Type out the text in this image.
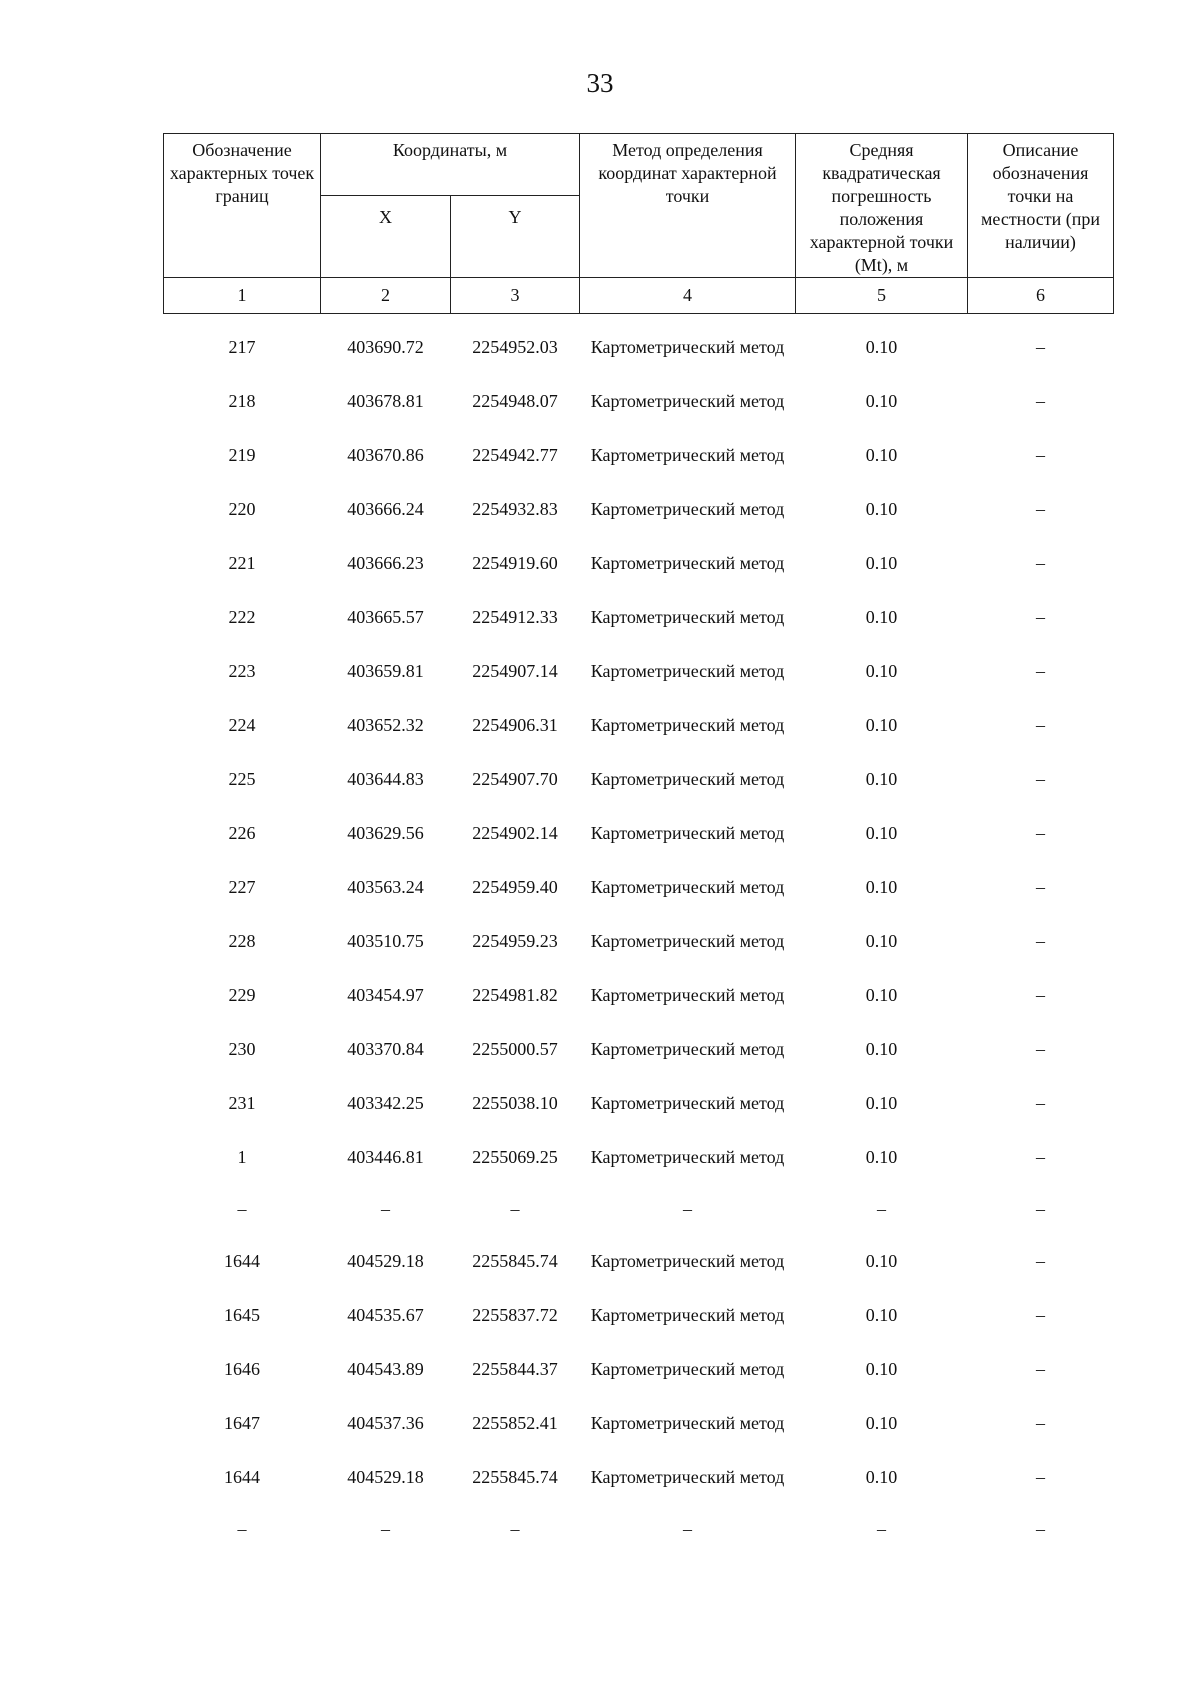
33
Обозначение характерных точек границ	Координаты, м		Метод определения координат характерной точки	Средняя квадратическая погрешность положения характерной точки (Mt), м	Описание обозначения точки на местности (при наличии)
	X	Y			
1	2	3	4	5	6
217	403690.72	2254952.03	Картометрический метод	0.10	–
218	403678.81	2254948.07	Картометрический метод	0.10	–
219	403670.86	2254942.77	Картометрический метод	0.10	–
220	403666.24	2254932.83	Картометрический метод	0.10	–
221	403666.23	2254919.60	Картометрический метод	0.10	–
222	403665.57	2254912.33	Картометрический метод	0.10	–
223	403659.81	2254907.14	Картометрический метод	0.10	–
224	403652.32	2254906.31	Картометрический метод	0.10	–
225	403644.83	2254907.70	Картометрический метод	0.10	–
226	403629.56	2254902.14	Картометрический метод	0.10	–
227	403563.24	2254959.40	Картометрический метод	0.10	–
228	403510.75	2254959.23	Картометрический метод	0.10	–
229	403454.97	2254981.82	Картометрический метод	0.10	–
230	403370.84	2255000.57	Картометрический метод	0.10	–
231	403342.25	2255038.10	Картометрический метод	0.10	–
1	403446.81	2255069.25	Картометрический метод	0.10	–
–	–	–	–	–	–
1644	404529.18	2255845.74	Картометрический метод	0.10	–
1645	404535.67	2255837.72	Картометрический метод	0.10	–
1646	404543.89	2255844.37	Картометрический метод	0.10	–
1647	404537.36	2255852.41	Картометрический метод	0.10	–
1644	404529.18	2255845.74	Картометрический метод	0.10	–
–	–	–	–	–	–
